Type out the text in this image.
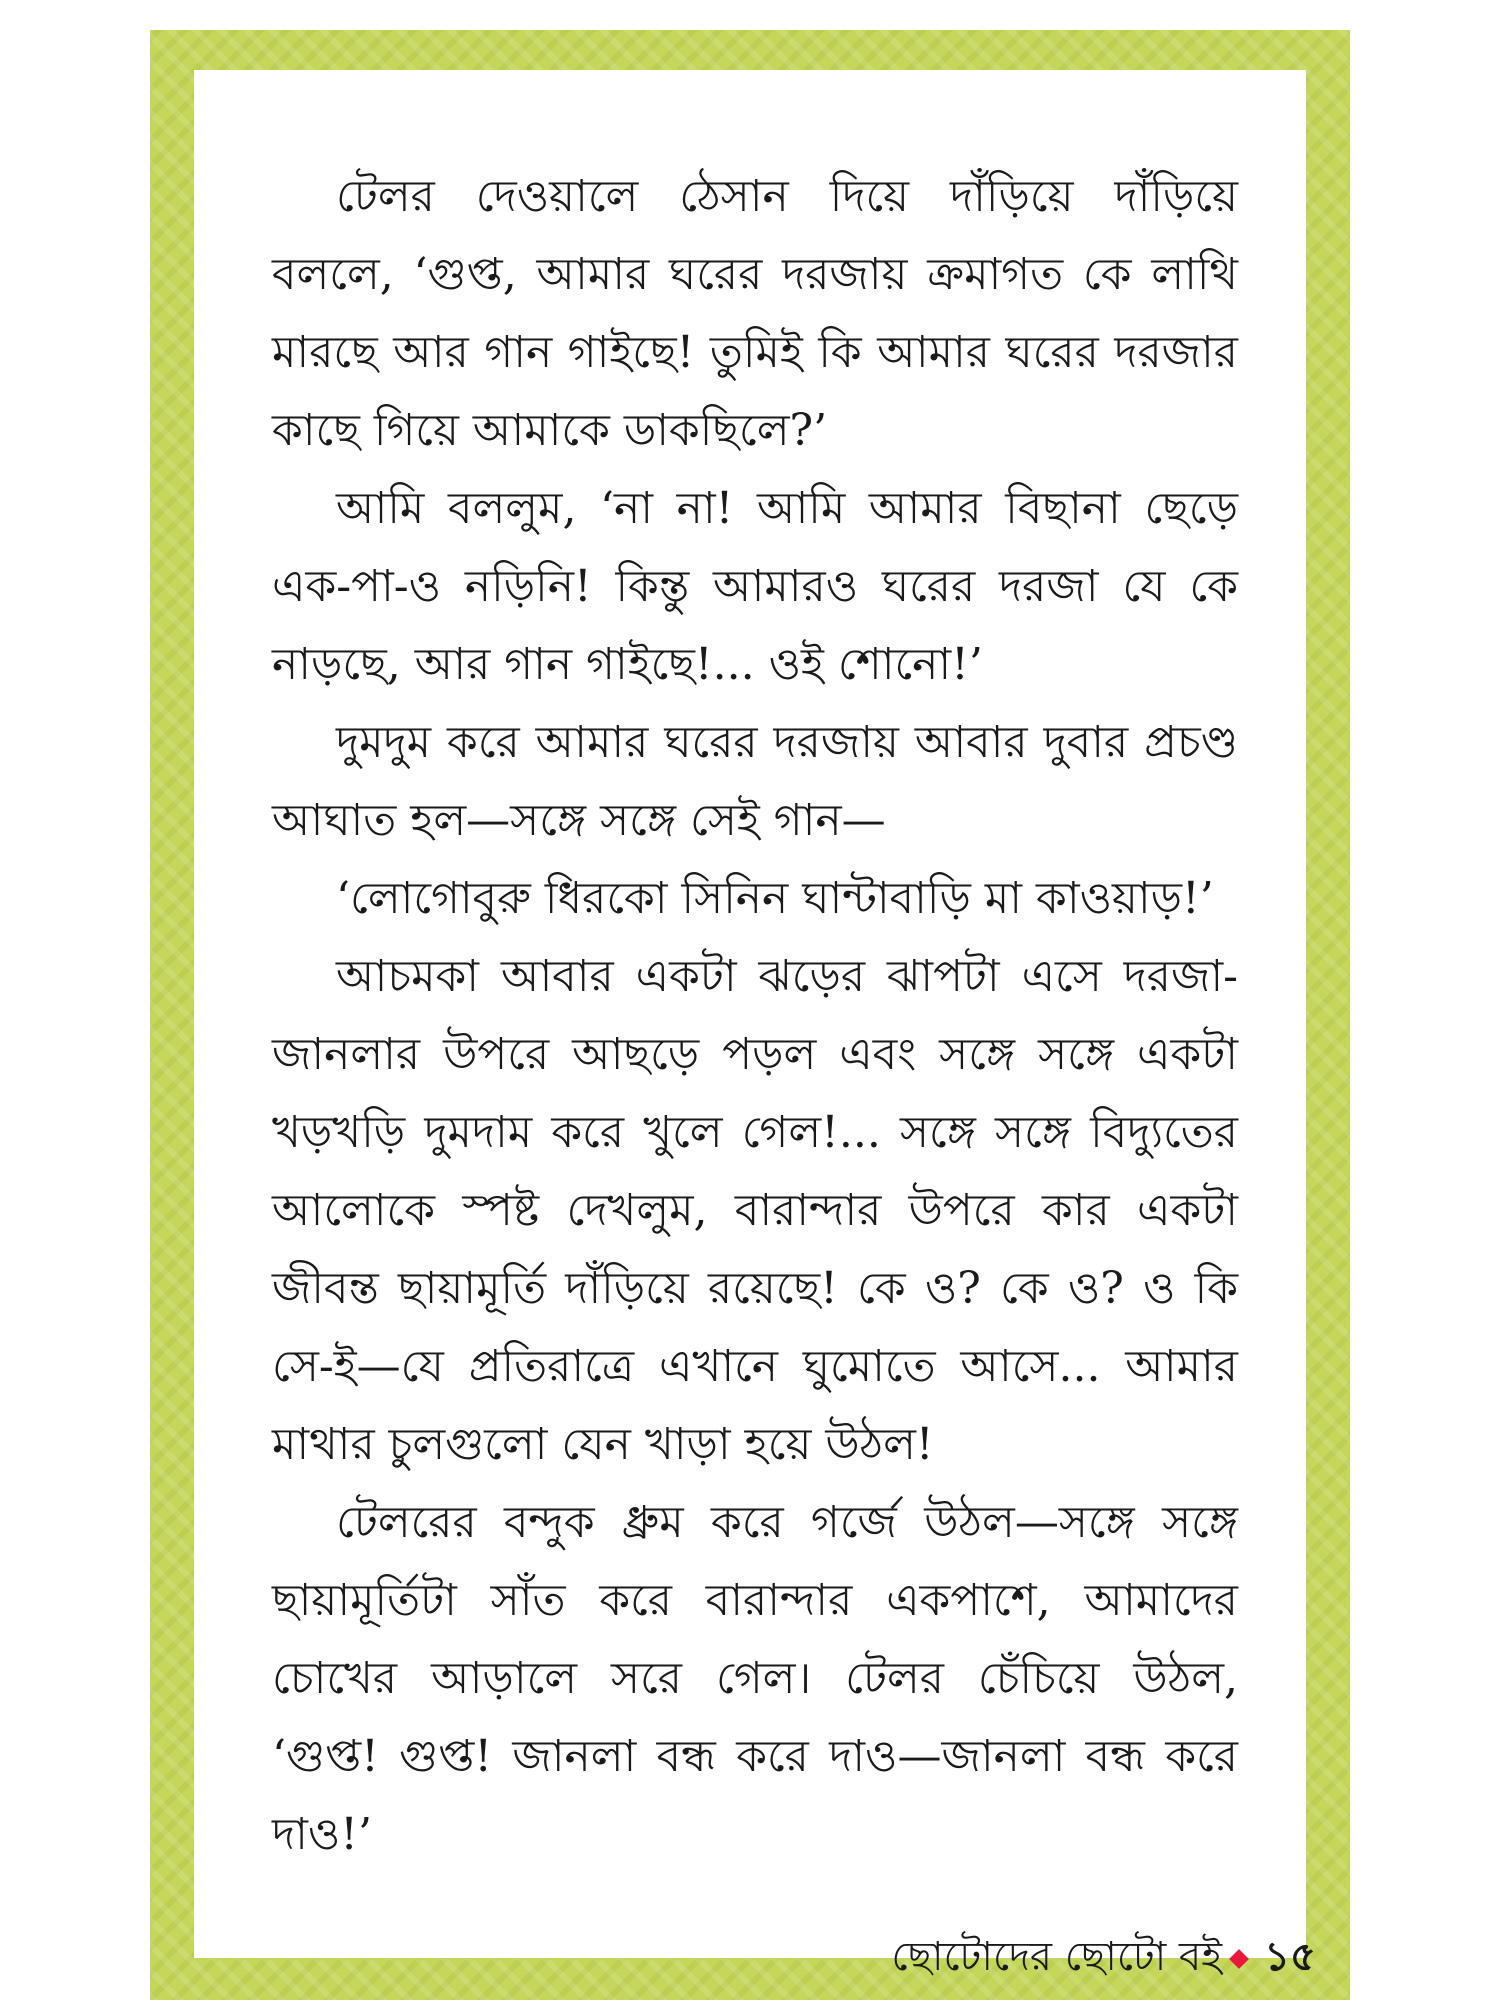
টেলর দেওয়ালে ঠেসান দিয়ে দাঁড়িয়ে দাঁড়িয়ে বললে, ‘গুপ্ত, আমার ঘরের দরজায় ক্রমাগত কে লাথি মারছে আর গান গাইছে! তুমিই কি আমার ঘরের দরজার কাছে গিয়ে আমাকে ডাকছিলে?’

আমি বললুম, ‘না না! আমি আমার বিছানা ছেড়ে এক-পা-ও নড়িনি! কিন্তু আমারও ঘরের দরজা যে কে নাড়ছে, আর গান গাইছে!... ওই শোনো!’

দুমদুম করে আমার ঘরের দরজায় আবার দুবার প্রচণ্ড আঘাত হল—সঙ্গে সঙ্গে সেই গান—

‘লোগোবুরু ধিরকো সিনিন ঘান্টাবাড়ি মা কাওয়াড়!’

আচমকা আবার একটা ঝড়ের ঝাপটা এসে দরজা-জানলার উপরে আছড়ে পড়ল এবং সঙ্গে সঙ্গে একটা খড়খড়ি দুমদাম করে খুলে গেল!... সঙ্গে সঙ্গে বিদ্যুতের আলোকে স্পষ্ট দেখলুম, বারান্দার উপরে কার একটা জীবন্ত ছায়ামূর্তি দাঁড়িয়ে রয়েছে! কে ও? কে ও? ও কি সে-ই—যে প্রতিরাত্রে এখানে ঘুমোতে আসে... আমার মাথার চুলগুলো যেন খাড়া হয়ে উঠল!

টেলরের বন্দুক ধ্রুম করে গর্জে উঠল—সঙ্গে সঙ্গে ছায়ামূর্তিটা সাঁত করে বারান্দার একপাশে, আমাদের চোখের আড়ালে সরে গেল। টেলর চেঁচিয়ে উঠল, ‘গুপ্ত! গুপ্ত! জানলা বন্ধ করে দাও—জানলা বন্ধ করে দাও!’

ছোটোদের ছোটো বই ১৫
